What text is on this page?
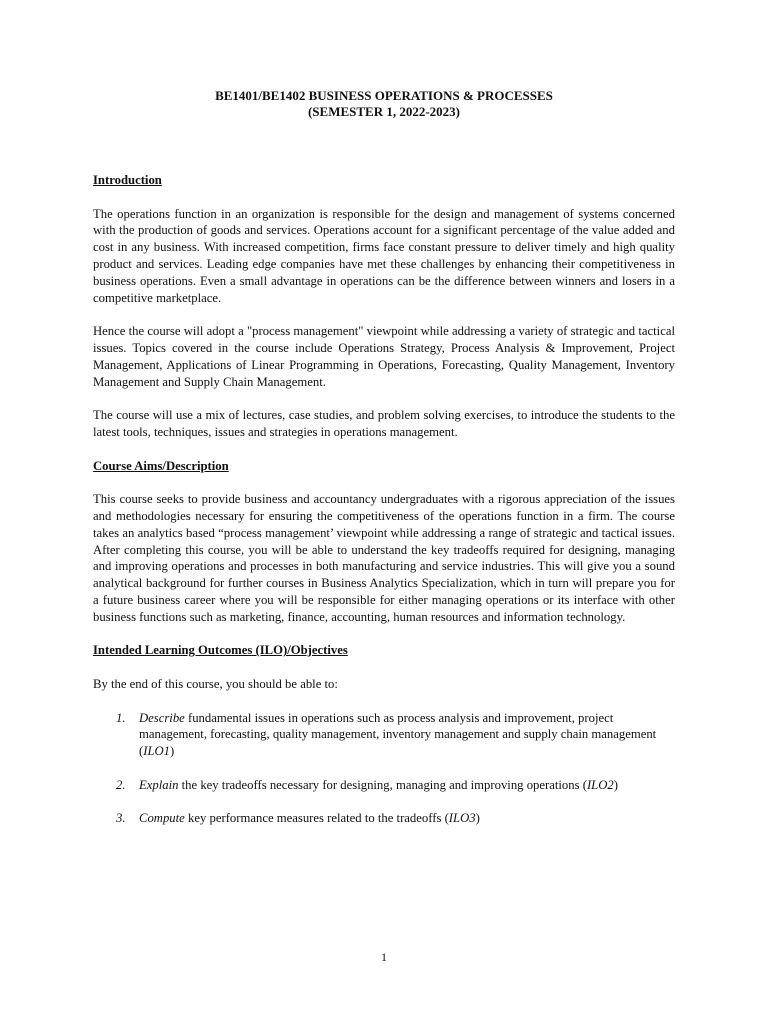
BE1401/BE1402 BUSINESS OPERATIONS & PROCESSES
(SEMESTER 1, 2022-2023)
Introduction

The operations function in an organization is responsible for the design and management of systems concerned with the production of goods and services. Operations account for a significant percentage of the value added and cost in any business. With increased competition, firms face constant pressure to deliver timely and high quality product and services. Leading edge companies have met these challenges by enhancing their competitiveness in business operations. Even a small advantage in operations can be the difference between winners and losers in a competitive marketplace.

Hence the course will adopt a "process management" viewpoint while addressing a variety of strategic and tactical issues. Topics covered in the course include Operations Strategy, Process Analysis & Improvement, Project Management, Applications of Linear Programming in Operations, Forecasting, Quality Management, Inventory Management and Supply Chain Management.

The course will use a mix of lectures, case studies, and problem solving exercises, to introduce the students to the latest tools, techniques, issues and strategies in operations management.

Course Aims/Description

This course seeks to provide business and accountancy undergraduates with a rigorous appreciation of the issues and methodologies necessary for ensuring the competitiveness of the operations function in a firm. The course takes an analytics based “process management’ viewpoint while addressing a range of strategic and tactical issues. After completing this course, you will be able to understand the key tradeoffs required for designing, managing and improving operations and processes in both manufacturing and service industries. This will give you a sound analytical background for further courses in Business Analytics Specialization, which in turn will prepare you for a future business career where you will be responsible for either managing operations or its interface with other business functions such as marketing, finance, accounting, human resources and information technology.

Intended Learning Outcomes (ILO)/Objectives

By the end of this course, you should be able to:

1. Describe fundamental issues in operations such as process analysis and improvement, project management, forecasting, quality management, inventory management and supply chain management (ILO1)
2. Explain the key tradeoffs necessary for designing, managing and improving operations (ILO2)
3. Compute key performance measures related to the tradeoffs (ILO3)
1
